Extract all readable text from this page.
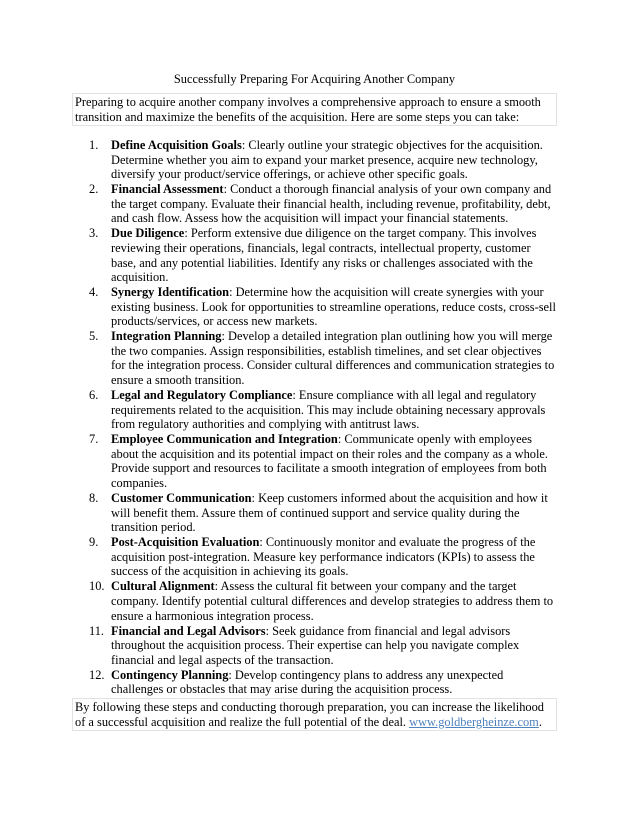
Successfully Preparing For Acquiring Another Company
Preparing to acquire another company involves a comprehensive approach to ensure a smooth transition and maximize the benefits of the acquisition. Here are some steps you can take:
1. Define Acquisition Goals: Clearly outline your strategic objectives for the acquisition. Determine whether you aim to expand your market presence, acquire new technology, diversify your product/service offerings, or achieve other specific goals.
2. Financial Assessment: Conduct a thorough financial analysis of your own company and the target company. Evaluate their financial health, including revenue, profitability, debt, and cash flow. Assess how the acquisition will impact your financial statements.
3. Due Diligence: Perform extensive due diligence on the target company. This involves reviewing their operations, financials, legal contracts, intellectual property, customer base, and any potential liabilities. Identify any risks or challenges associated with the acquisition.
4. Synergy Identification: Determine how the acquisition will create synergies with your existing business. Look for opportunities to streamline operations, reduce costs, cross-sell products/services, or access new markets.
5. Integration Planning: Develop a detailed integration plan outlining how you will merge the two companies. Assign responsibilities, establish timelines, and set clear objectives for the integration process. Consider cultural differences and communication strategies to ensure a smooth transition.
6. Legal and Regulatory Compliance: Ensure compliance with all legal and regulatory requirements related to the acquisition. This may include obtaining necessary approvals from regulatory authorities and complying with antitrust laws.
7. Employee Communication and Integration: Communicate openly with employees about the acquisition and its potential impact on their roles and the company as a whole. Provide support and resources to facilitate a smooth integration of employees from both companies.
8. Customer Communication: Keep customers informed about the acquisition and how it will benefit them. Assure them of continued support and service quality during the transition period.
9. Post-Acquisition Evaluation: Continuously monitor and evaluate the progress of the acquisition post-integration. Measure key performance indicators (KPIs) to assess the success of the acquisition in achieving its goals.
10. Cultural Alignment: Assess the cultural fit between your company and the target company. Identify potential cultural differences and develop strategies to address them to ensure a harmonious integration process.
11. Financial and Legal Advisors: Seek guidance from financial and legal advisors throughout the acquisition process. Their expertise can help you navigate complex financial and legal aspects of the transaction.
12. Contingency Planning: Develop contingency plans to address any unexpected challenges or obstacles that may arise during the acquisition process.
By following these steps and conducting thorough preparation, you can increase the likelihood of a successful acquisition and realize the full potential of the deal. www.goldbergheinze.com.
